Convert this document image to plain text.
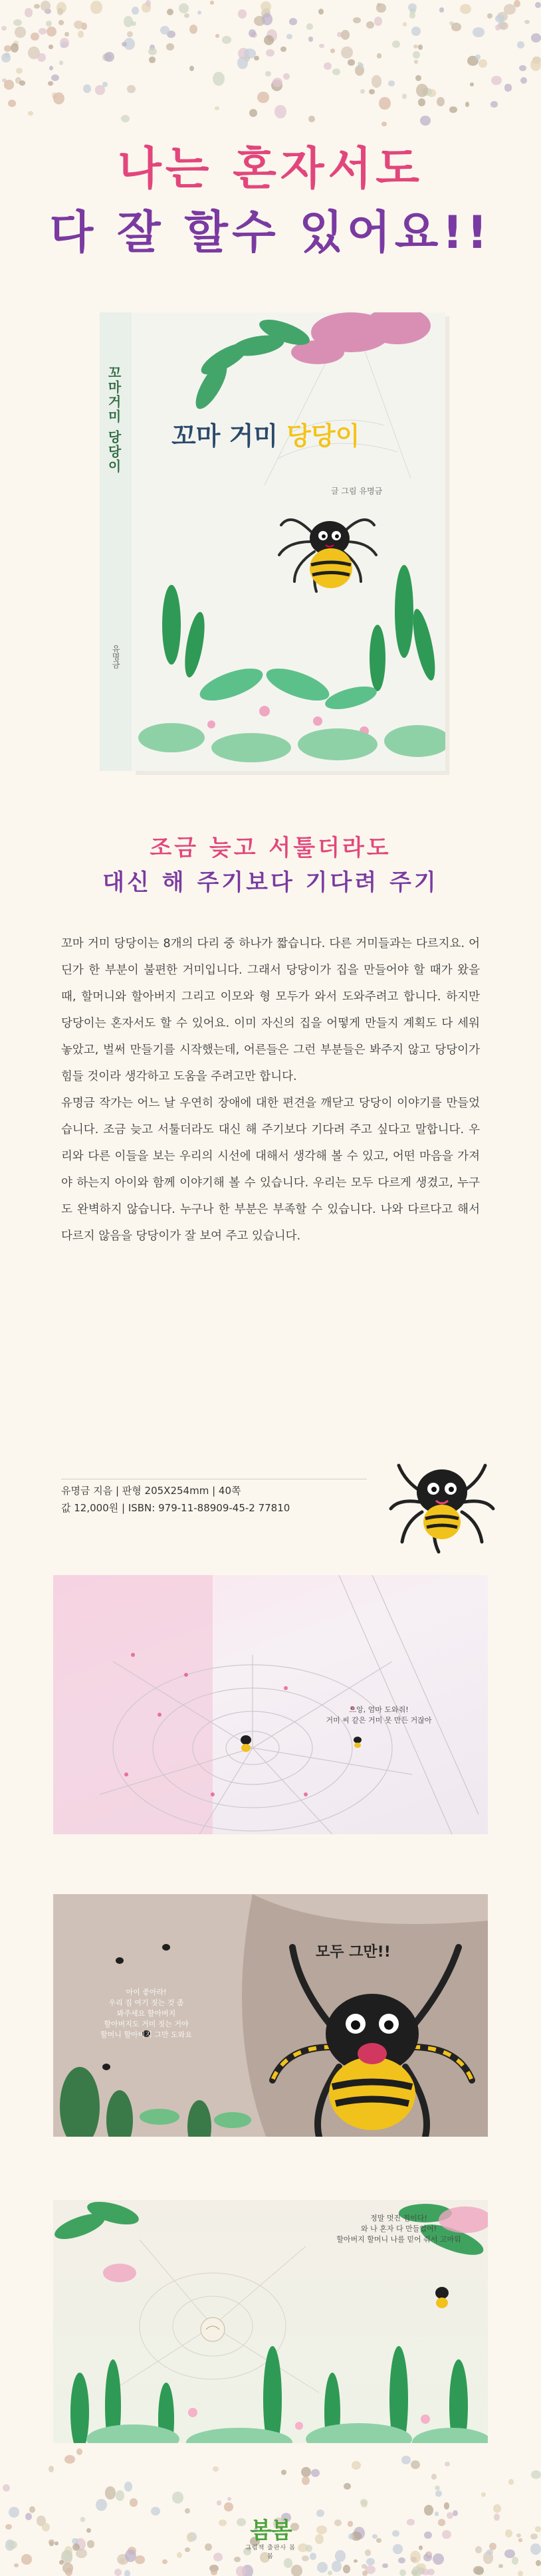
나는 혼자서도
다 잘 할수 있어요!!
꼬마거미 당당이
유명금
꼬마 거미 당당이
글 그림 유명금
조금 늦고 서툴더라도
대신 해 주기보다 기다려 주기

꼬마 거미 당당이는 8개의 다리 중 하나가 짧습니다. 다른 거미들과는 다르지요. 어딘가 한 부분이 불편한 거미입니다. 그래서 당당이가 집을 만들어야 할 때가 왔을 때, 할머니와 할아버지 그리고 이모와 형 모두가 와서 도와주려고 합니다. 하지만 당당이는 혼자서도 할 수 있어요. 이미 자신의 집을 어떻게 만들지 계획도 다 세워 놓았고, 벌써 만들기를 시작했는데, 어른들은 그런 부분들은 봐주지 않고 당당이가 힘들 것이라 생각하고 도움을 주려고만 합니다.

유명금 작가는 어느 날 우연히 장애에 대한 편견을 깨닫고 당당이 이야기를 만들었습니다. 조금 늦고 서툴더라도 대신 해 주기보다 기다려 주고 싶다고 말합니다. 우리와 다른 이들을 보는 우리의 시선에 대해서 생각해 볼 수 있고, 어떤 마음을 가져야 하는지 아이와 함께 이야기해 볼 수 있습니다. 우리는 모두 다르게 생겼고, 누구도 완벽하지 않습니다. 누구나 한 부분은 부족할 수 있습니다. 나와 다르다고 해서 다르지 않음을 당당이가 잘 보여 주고 있습니다.

유명금 지음 | 판형 205X254mm | 40쪽
값 12,000원 | ISBN: 979-11-88909-45-2 77810
으앙, 엄마 도와줘!
거미 씨 같은 거미 못 만든 거잖아
모두 그만!!
아이 좋아라!
우리 집 여기 짓는 것 좀
봐주세요 할아버지
할아버지도 거미 짓는 거야
할머니 할아버지 그만 도와요
정말 멋진 집이다!
와 나 혼자 다 만들었어!
할아버지 할머니 나를 믿어 줘서 고마워
봄봄
그림책 출판사 봄봄
